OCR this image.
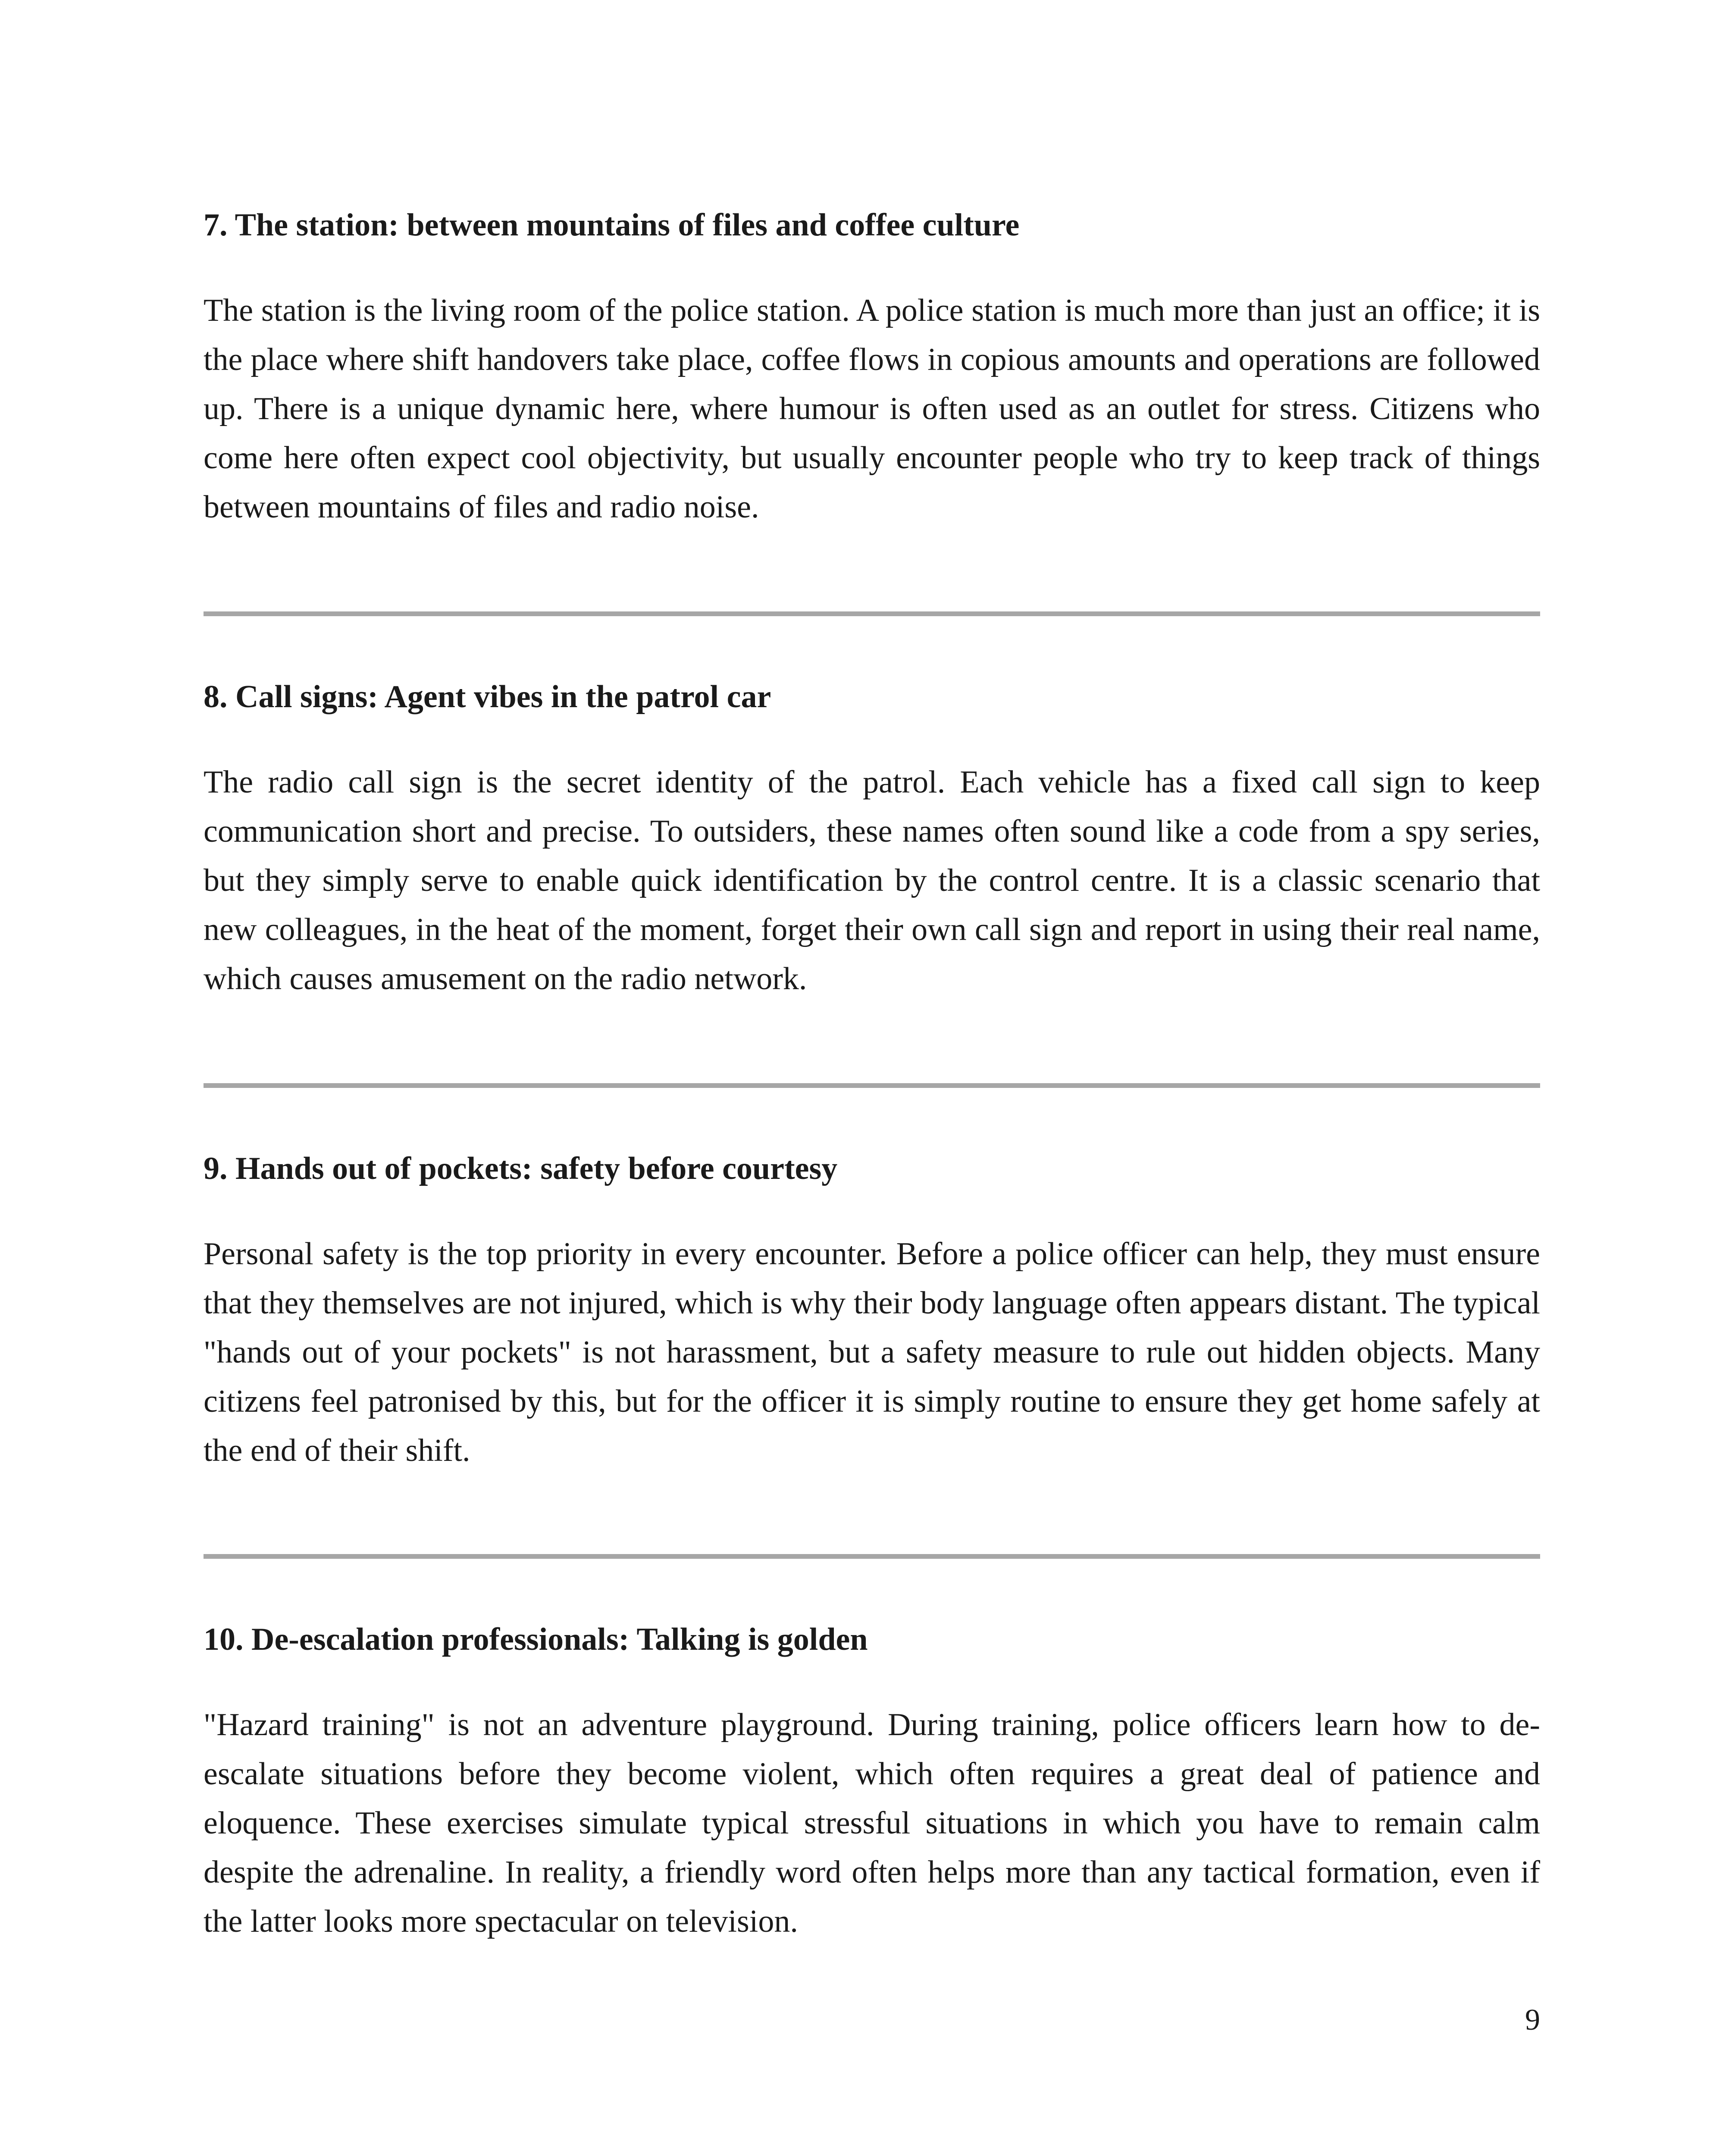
7. The station: between mountains of files and coffee culture

The station is the living room of the police station. A police station is much more than just an office; it is the place where shift handovers take place, coffee flows in copious amounts and operations are followed up. There is a unique dynamic here, where humour is often used as an outlet for stress. Citizens who come here often expect cool objectivity, but usually encounter people who try to keep track of things between mountains of files and radio noise.

8. Call signs: Agent vibes in the patrol car

The radio call sign is the secret identity of the patrol. Each vehicle has a fixed call sign to keep communication short and precise. To outsiders, these names often sound like a code from a spy series, but they simply serve to enable quick identification by the control centre. It is a classic scenario that new colleagues, in the heat of the moment, forget their own call sign and report in using their real name, which causes amusement on the radio network.

9. Hands out of pockets: safety before courtesy

Personal safety is the top priority in every encounter. Before a police officer can help, they must ensure that they themselves are not injured, which is why their body language often appears distant. The typical "hands out of your pockets" is not harassment, but a safety measure to rule out hidden objects. Many citizens feel patronised by this, but for the officer it is simply routine to ensure they get home safely at the end of their shift.

10. De-escalation professionals: Talking is golden

"Hazard training" is not an adventure playground. During training, police officers learn how to de-escalate situations before they become violent, which often requires a great deal of patience and eloquence. These exercises simulate typical stressful situations in which you have to remain calm despite the adrenaline. In reality, a friendly word often helps more than any tactical formation, even if the latter looks more spectacular on television.

9
